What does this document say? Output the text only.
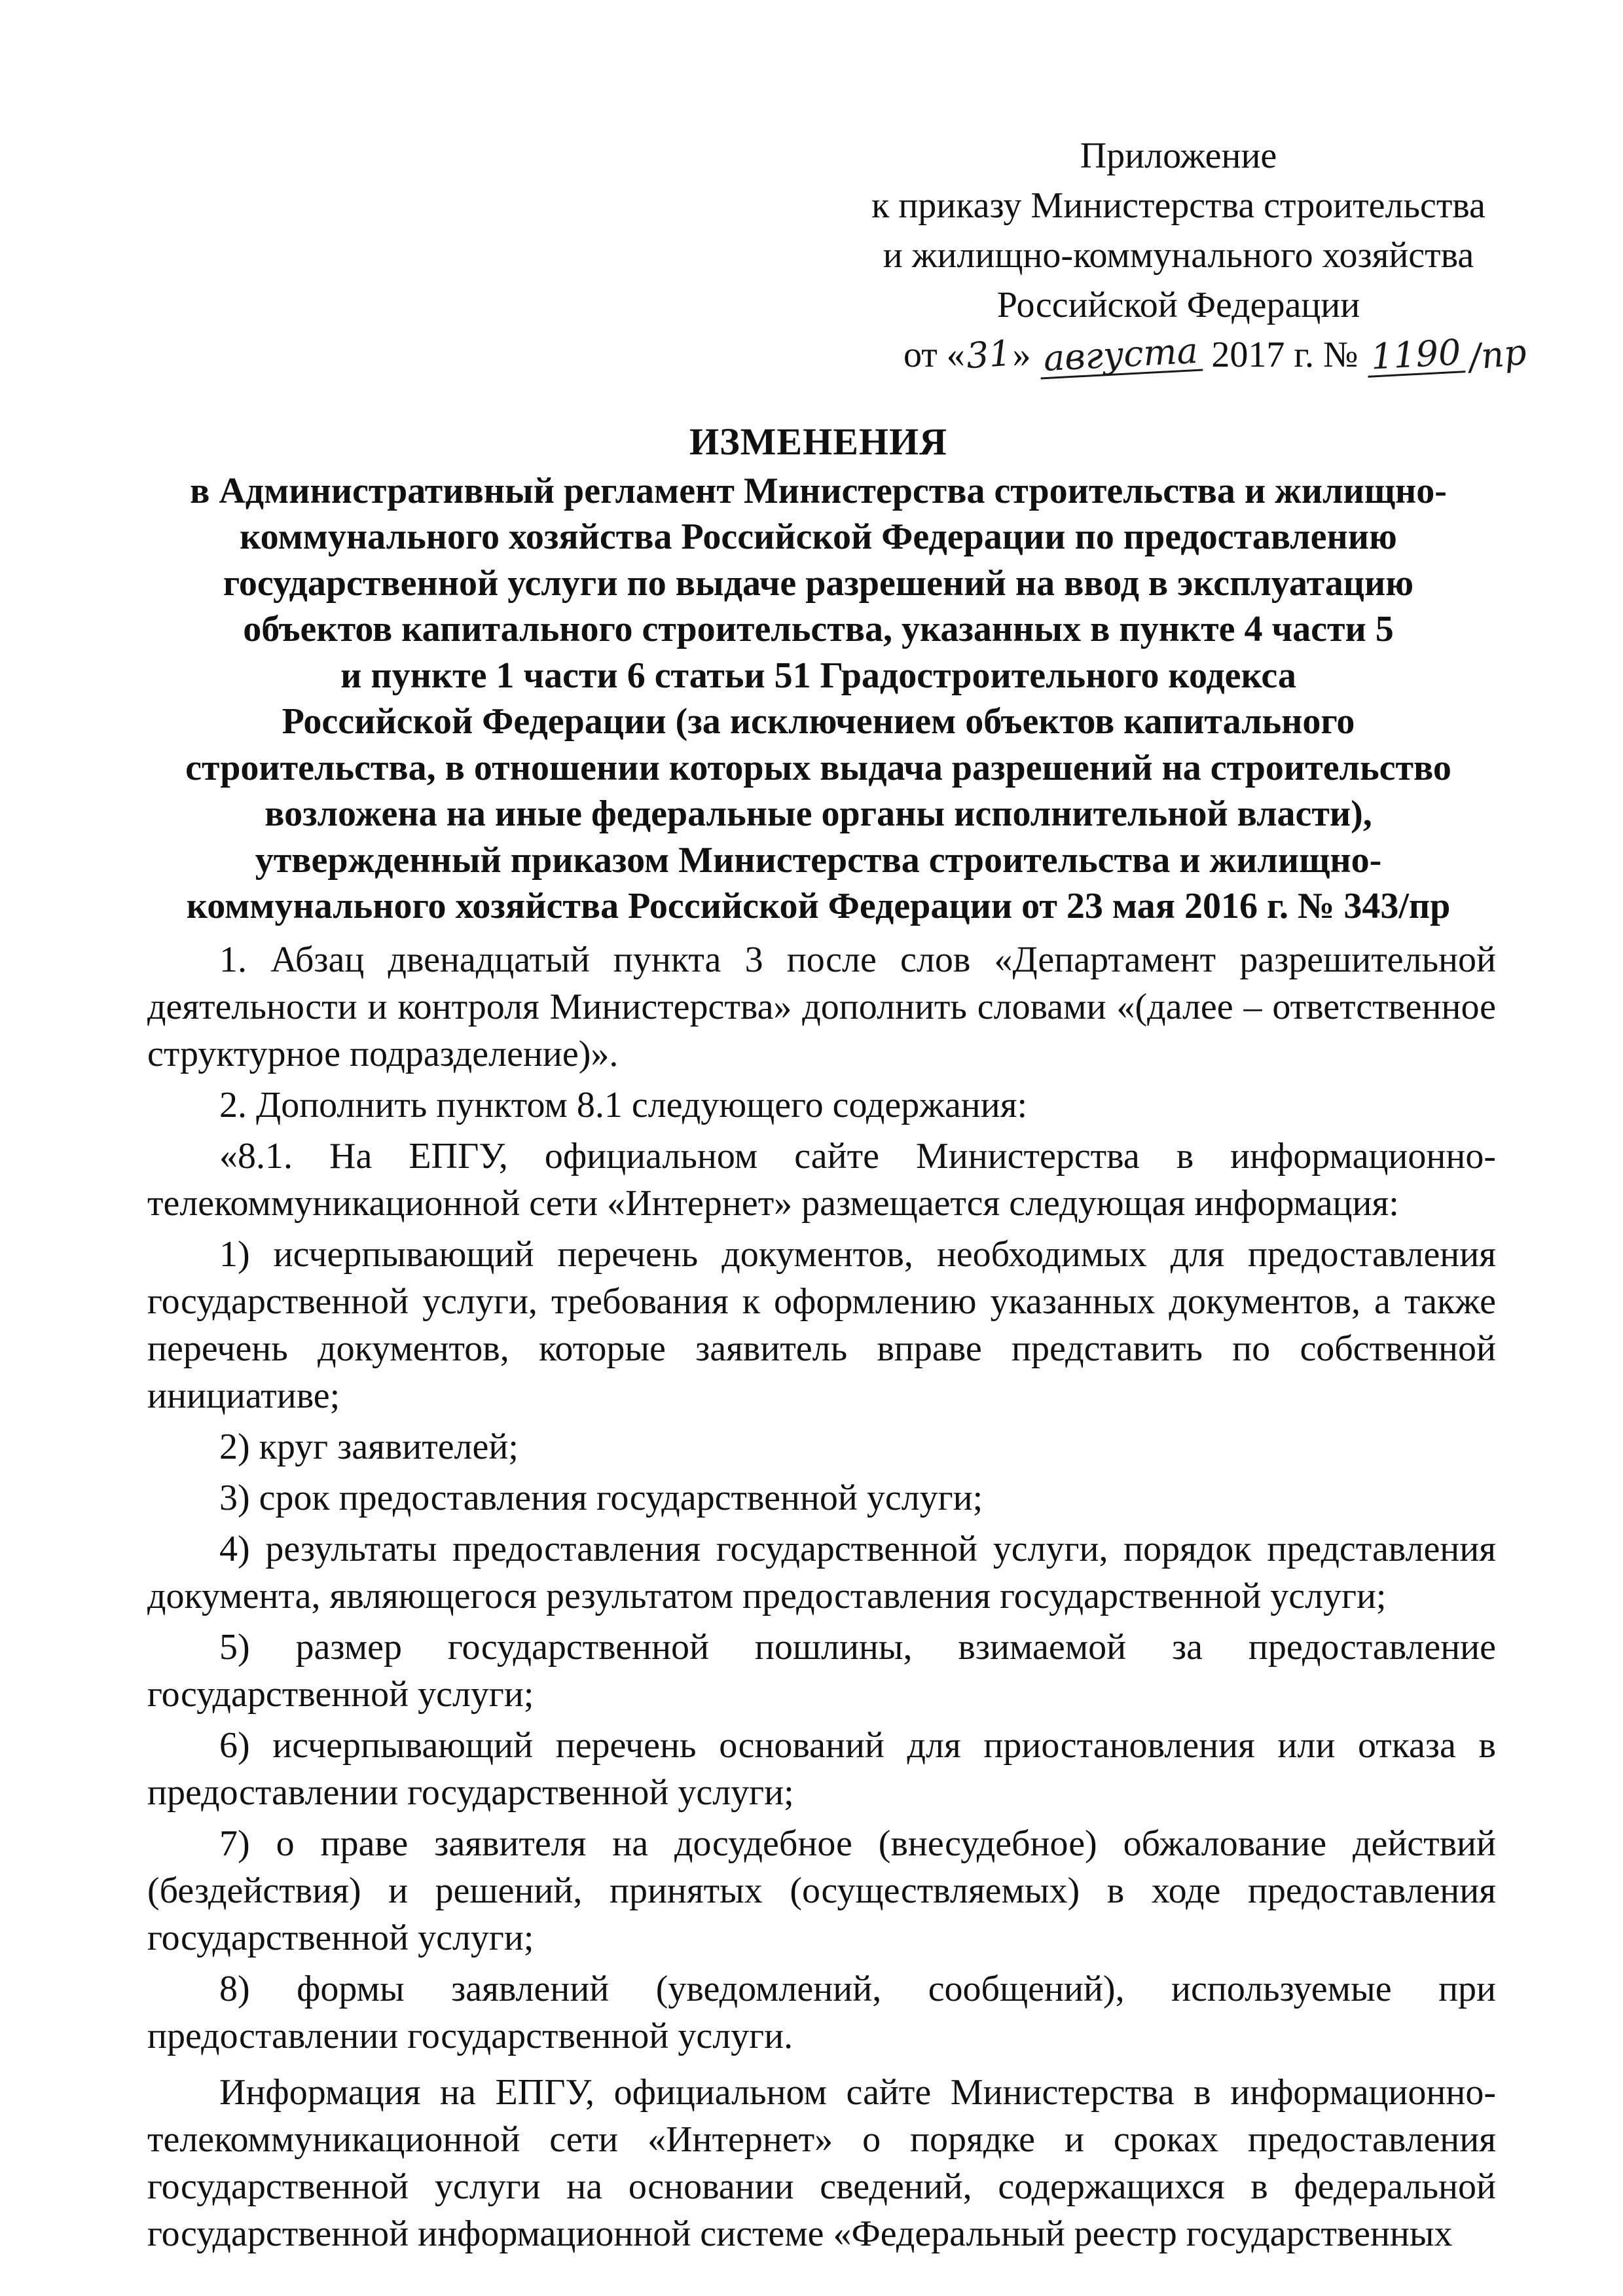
Приложение
к приказу Министерства строительства
и жилищно-коммунального хозяйства
Российской Федерации
от «31» августа 2017 г. № 1190 /пр
ИЗМЕНЕНИЯ
в Административный регламент Министерства строительства и жилищно-
коммунального хозяйства Российской Федерации по предоставлению
государственной услуги по выдаче разрешений на ввод в эксплуатацию
объектов капитального строительства, указанных в пункте 4 части 5
и пункте 1 части 6 статьи 51 Градостроительного кодекса
Российской Федерации (за исключением объектов капитального
строительства, в отношении которых выдача разрешений на строительство
возложена на иные федеральные органы исполнительной власти),
утвержденный приказом Министерства строительства и жилищно-
коммунального хозяйства Российской Федерации от 23 мая 2016 г. № 343/пр

1. Абзац двенадцатый пункта 3 после слов «Департамент разрешительной деятельности и контроля Министерства» дополнить словами «(далее – ответственное структурное подразделение)».

2. Дополнить пунктом 8.1 следующего содержания:

«8.1. На ЕПГУ, официальном сайте Министерства в информационно-телекоммуникационной сети «Интернет» размещается следующая информация:

1) исчерпывающий перечень документов, необходимых для предоставления государственной услуги, требования к оформлению указанных документов, а также перечень документов, которые заявитель вправе представить по собственной инициативе;

2) круг заявителей;

3) срок предоставления государственной услуги;

4) результаты предоставления государственной услуги, порядок представления документа, являющегося результатом предоставления государственной услуги;

5) размер государственной пошлины, взимаемой за предоставление государственной услуги;

6) исчерпывающий перечень оснований для приостановления или отказа в предоставлении государственной услуги;

7) о праве заявителя на досудебное (внесудебное) обжалование действий (бездействия) и решений, принятых (осуществляемых) в ходе предоставления государственной услуги;

8) формы заявлений (уведомлений, сообщений), используемые при предоставлении государственной услуги.

Информация на ЕПГУ, официальном сайте Министерства в информационно-телекоммуникационной сети «Интернет» о порядке и сроках предоставления государственной услуги на основании сведений, содержащихся в федеральной государственной информационной системе «Федеральный реестр государственных
